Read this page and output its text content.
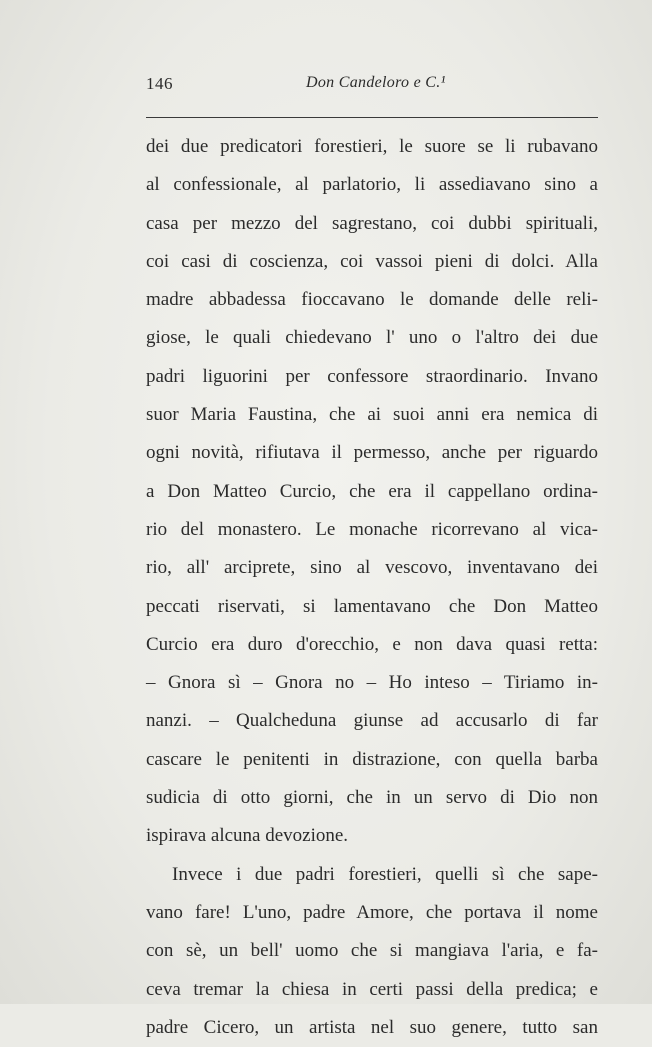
146	Don Candeloro e C.¹
dei due predicatori forestieri, le suore se li rubavano
al confessionale, al parlatorio, li assediavano sino a
casa per mezzo del sagrestano, coi dubbi spirituali,
coi casi di coscienza, coi vassoi pieni di dolci. Alla
madre abbadessa fioccavano le domande delle reli-
giose, le quali chiedevano l' uno o l'altro dei due
padri liguorini per confessore straordinario. Invano
suor Maria Faustina, che ai suoi anni era nemica di
ogni novità, rifiutava il permesso, anche per riguardo
a Don Matteo Curcio, che era il cappellano ordina-
rio del monastero. Le monache ricorrevano al vica-
rio, all' arciprete, sino al vescovo, inventavano dei
peccati riservati, si lamentavano che Don Matteo
Curcio era duro d'orecchio, e non dava quasi retta:
– Gnora sì – Gnora no – Ho inteso – Tiriamo in-
nanzi. – Qualcheduna giunse ad accusarlo di far
cascare le penitenti in distrazione, con quella barba
sudicia di otto giorni, che in un servo di Dio non
ispirava alcuna devozione.
Invece i due padri forestieri, quelli sì che sape-
vano fare! L'uno, padre Amore, che portava il nome
con sè, un bell' uomo che si mangiava l'aria, e fa-
ceva tremar la chiesa in certi passi della predica; e
padre Cicero, un artista nel suo genere, tutto san
